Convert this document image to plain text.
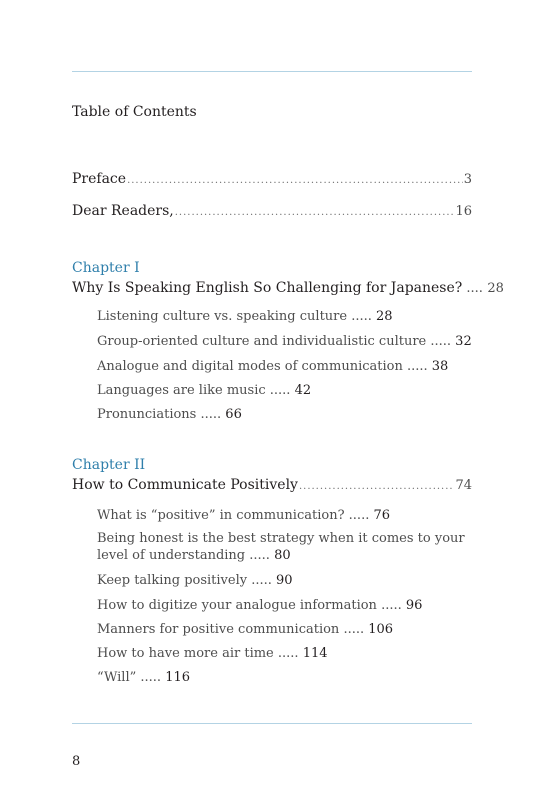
Table of Contents
Preface .....	3
Dear Readers, .....	16
Chapter I
Why Is Speaking English So Challenging for Japanese? .... 28
Listening culture vs. speaking culture ..... 28
Group-oriented culture and individualistic culture ..... 32
Analogue and digital modes of communication ..... 38
Languages are like music ..... 42
Pronunciations ..... 66
Chapter II
How to Communicate Positively .....	74
What is “positive” in communication? ..... 76
Being honest is the best strategy when it comes to your level of understanding ..... 80
Keep talking positively ..... 90
How to digitize your analogue information ..... 96
Manners for positive communication ..... 106
How to have more air time ..... 114
“Will” ..... 116
8
